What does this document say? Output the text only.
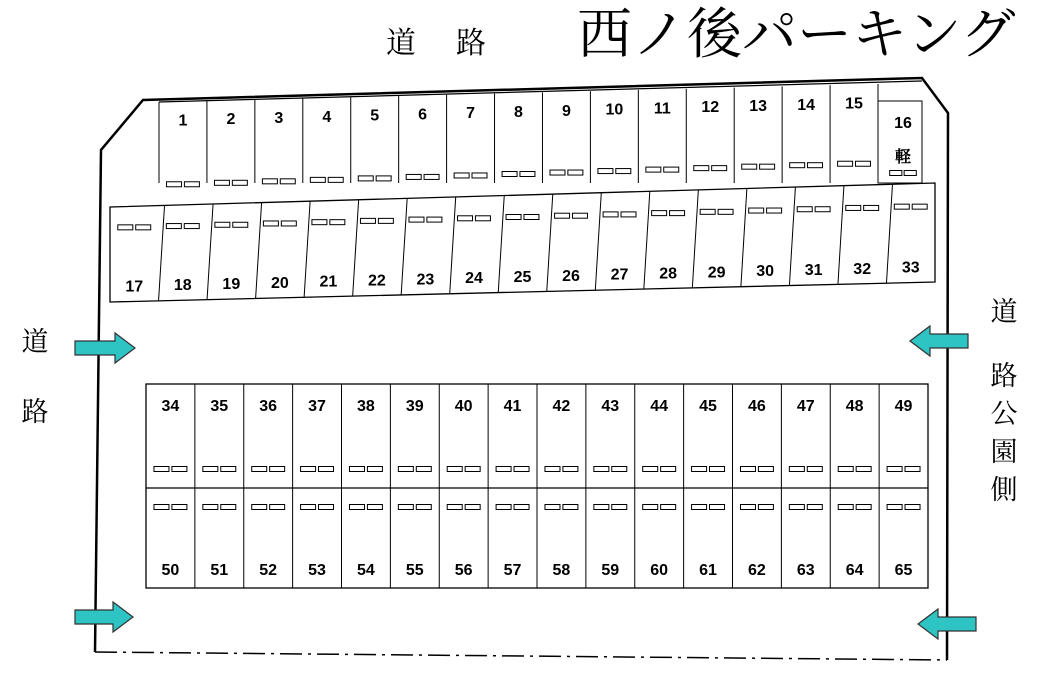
西ノ後パーキング
道路
道
路
道
路
公
園
側
1 2 3 4 5 6 7 8 9 10 11 12 13 14 15
16
軽
17 18 19 20 21 22 23 24 25 26 27 28 29 30 31 32 33
34 35 36 37 38 39 40 41 42 43 44 45 46 47 48 49
50 51 52 53 54 55 56 57 58 59 60 61 62 63 64 65
